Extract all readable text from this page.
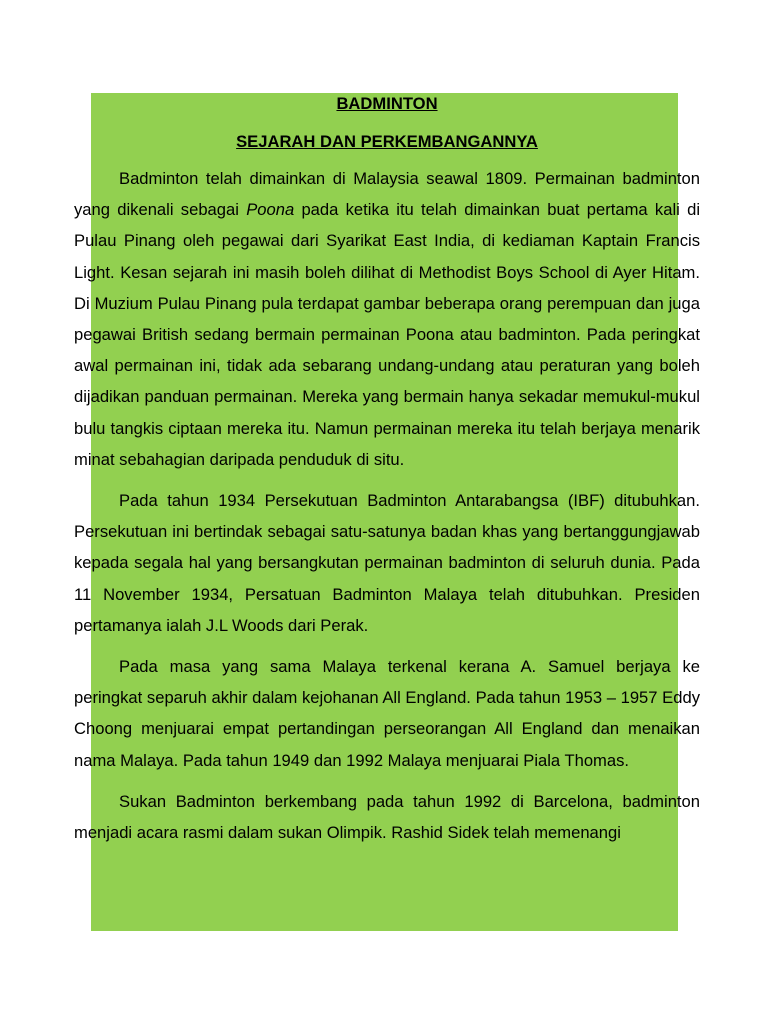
BADMINTON

SEJARAH DAN PERKEMBANGANNYA

Badminton telah dimainkan di Malaysia seawal 1809. Permainan badminton yang dikenali sebagai Poona pada ketika itu telah dimainkan buat pertama kali di Pulau Pinang oleh pegawai dari Syarikat East India, di kediaman Kaptain Francis Light. Kesan sejarah ini masih boleh dilihat di Methodist Boys School di Ayer Hitam. Di Muzium Pulau Pinang pula terdapat gambar beberapa orang perempuan dan juga pegawai British sedang bermain permainan Poona atau badminton. Pada peringkat awal permainan ini, tidak ada sebarang undang-undang atau peraturan yang boleh dijadikan panduan permainan. Mereka yang bermain hanya sekadar memukul-mukul bulu tangkis ciptaan mereka itu. Namun permainan mereka itu telah berjaya menarik minat sebahagian daripada penduduk di situ.

Pada tahun 1934 Persekutuan Badminton Antarabangsa (IBF) ditubuhkan. Persekutuan ini bertindak sebagai satu-satunya badan khas yang bertanggungjawab kepada segala hal yang bersangkutan permainan badminton di seluruh dunia. Pada 11 November 1934, Persatuan Badminton Malaya telah ditubuhkan. Presiden pertamanya ialah J.L Woods dari Perak.

Pada masa yang sama Malaya terkenal kerana A. Samuel berjaya ke peringkat separuh akhir dalam kejohanan All England. Pada tahun 1953 – 1957 Eddy Choong menjuarai empat pertandingan perseorangan All England dan menaikan nama Malaya. Pada tahun 1949 dan 1992 Malaya menjuarai Piala Thomas.

Sukan Badminton berkembang pada tahun 1992 di Barcelona, badminton menjadi acara rasmi dalam sukan Olimpik. Rashid Sidek telah memenangi
